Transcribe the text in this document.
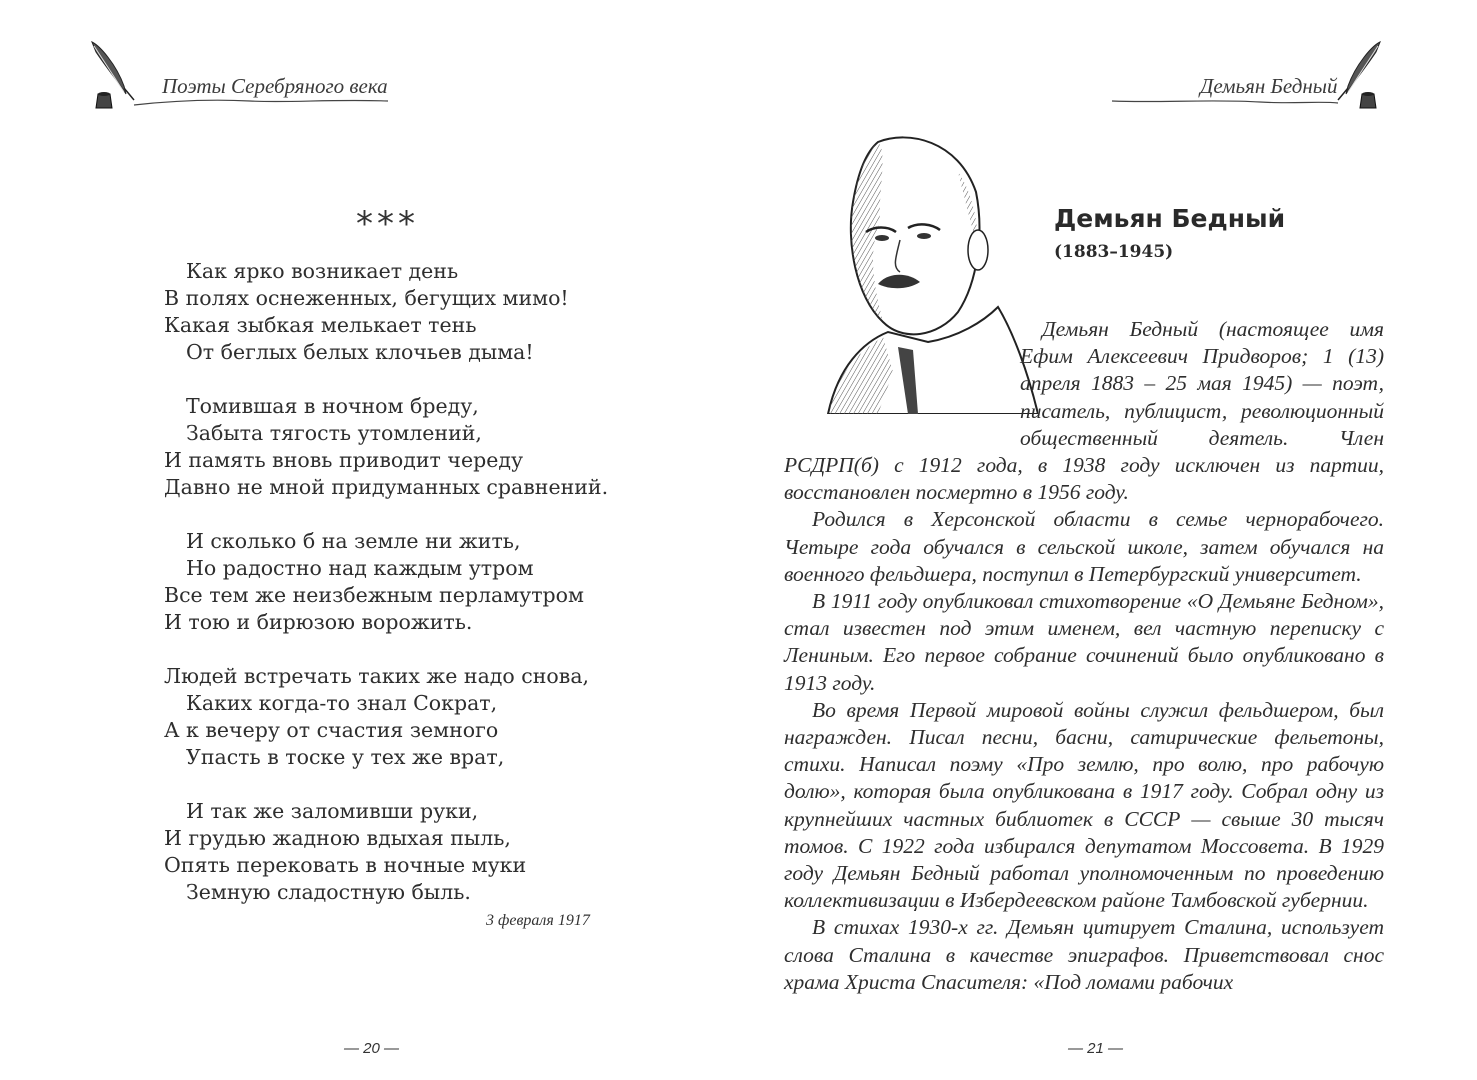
Поэты Серебряного века
***
Как ярко возникает день
В полях оснеженных, бегущих мимо!
Какая зыбкая мелькает тень
От беглых белых клочьев дыма!
Томившая в ночном бреду,
Забыта тягость утомлений,
И память вновь приводит череду
Давно не мной придуманных сравнений.
И сколько б на земле ни жить,
Но радостно над каждым утром
Все тем же неизбежным перламутром
И тою и бирюзою ворожить.
Людей встречать таких же надо снова,
Каких когда-то знал Сократ,
А к вечеру от счастия земного
Упасть в тоске у тех же врат,
И так же заломивши руки,
И грудью жадною вдыхая пыль,
Опять перековать в ночные муки
Земную сладостную быль.
3 февраля 1917
— 20 —
Демьян Бедный
Демьян Бедный
(1883–1945)

Демьян Бедный (настоящее имя Ефим Алексеевич Придворов; 1 (13) апреля 1883 – 25 мая 1945) — поэт, писатель, публицист, революционный общественный деятель. Член РСДРП(б) с 1912 года, в 1938 году исключен из партии, восстановлен посмертно в 1956 году.

Родился в Херсонской области в семье чернорабочего. Четыре года обучался в сельской школе, затем обучался на военного фельдшера, поступил в Петербургский университет.

В 1911 году опубликовал стихотворение «О Демьяне Бедном», стал известен под этим именем, вел частную переписку с Лениным. Его первое собрание сочинений было опубликовано в 1913 году.

Во время Первой мировой войны служил фельдшером, был награжден. Писал песни, басни, сатирические фельетоны, стихи. Написал поэму «Про землю, про волю, про рабочую долю», которая была опубликована в 1917 году. Собрал одну из крупнейших частных библиотек в СССР — свыше 30 тысяч томов. С 1922 года избирался депутатом Моссовета. В 1929 году Демьян Бедный работал уполномоченным по проведению коллективизации в Избердеевском районе Тамбовской губернии.

В стихах 1930-х гг. Демьян цитирует Сталина, использует слова Сталина в качестве эпиграфов. Приветствовал снос храма Христа Спасителя: «Под ломами рабочих

— 21 —
